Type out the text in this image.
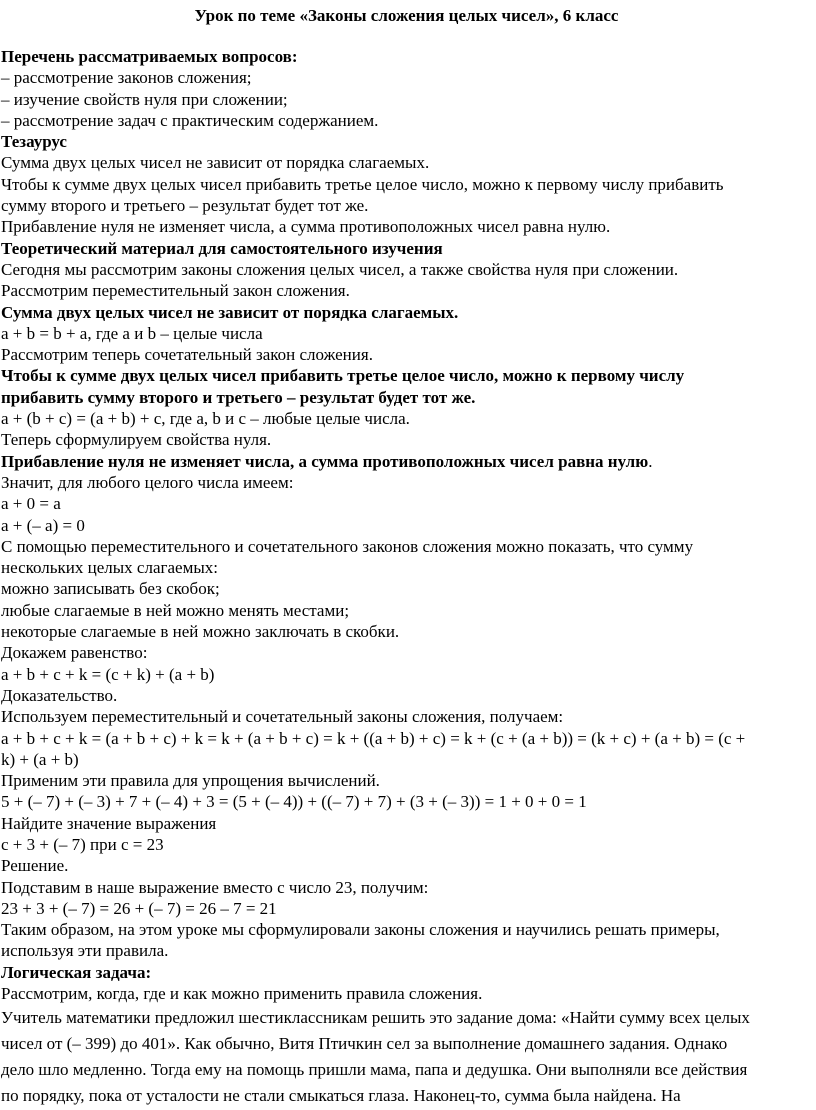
Урок по теме «Законы сложения целых чисел», 6 класс
Перечень рассматриваемых вопросов:
– рассмотрение законов сложения;
– изучение свойств нуля при сложении;
– рассмотрение задач с практическим содержанием.
Тезаурус
Сумма двух целых чисел не зависит от порядка слагаемых.
Чтобы к сумме двух целых чисел прибавить третье целое число, можно к первому числу прибавить
сумму второго и третьего – результат будет тот же.
Прибавление нуля не изменяет числа, а сумма противоположных чисел равна нулю.
Теоретический материал для самостоятельного изучения
Сегодня мы рассмотрим законы сложения целых чисел, а также свойства нуля при сложении.
Рассмотрим переместительный закон сложения.
Сумма двух целых чисел не зависит от порядка слагаемых.
a + b = b + a, где a и b – целые числа
Рассмотрим теперь сочетательный закон сложения.
Чтобы к сумме двух целых чисел прибавить третье целое число, можно к первому числу
прибавить сумму второго и третьего – результат будет тот же.
a + (b + c) = (a + b) + c, где a, b и c – любые целые числа.
Теперь сформулируем свойства нуля.
Прибавление нуля не изменяет числа, а сумма противоположных чисел равна нулю.
Значит, для любого целого числа имеем:
a + 0 = a
a + (– a) = 0
С помощью переместительного и сочетательного законов сложения можно показать, что сумму
нескольких целых слагаемых:
можно записывать без скобок;
любые слагаемые в ней можно менять местами;
некоторые слагаемые в ней можно заключать в скобки.
Докажем равенство:
a + b + c + k = (c + k) + (a + b)
Доказательство.
Используем переместительный и сочетательный законы сложения, получаем:
a + b + c + k = (a + b + c) + k = k + (a + b + c) = k + ((a + b) + c) = k + (c + (a + b)) = (k + c) + (a + b) = (c +
k) + (a + b)
Применим эти правила для упрощения вычислений.
5 + (– 7) + (– 3) + 7 + (– 4) + 3 = (5 + (– 4)) + ((– 7) + 7) + (3 + (– 3)) = 1 + 0 + 0 = 1
Найдите значение выражения
c + 3 + (– 7) при c = 23
Решение.
Подставим в наше выражение вместо c число 23, получим:
23 + 3 + (– 7) = 26 + (– 7) = 26 – 7 = 21
Таким образом, на этом уроке мы сформулировали законы сложения и научились решать примеры,
используя эти правила.
Логическая задача:
Рассмотрим, когда, где и как можно применить правила сложения.

Учитель математики предложил шестиклассникам решить это задание дома: «Найти сумму всех целых

чисел от (– 399) до 401». Как обычно, Витя Птичкин сел за выполнение домашнего задания. Однако

дело шло медленно. Тогда ему на помощь пришли мама, папа и дедушка. Они выполняли все действия

по порядку, пока от усталости не стали смыкаться глаза. Наконец-то, сумма была найдена. На
